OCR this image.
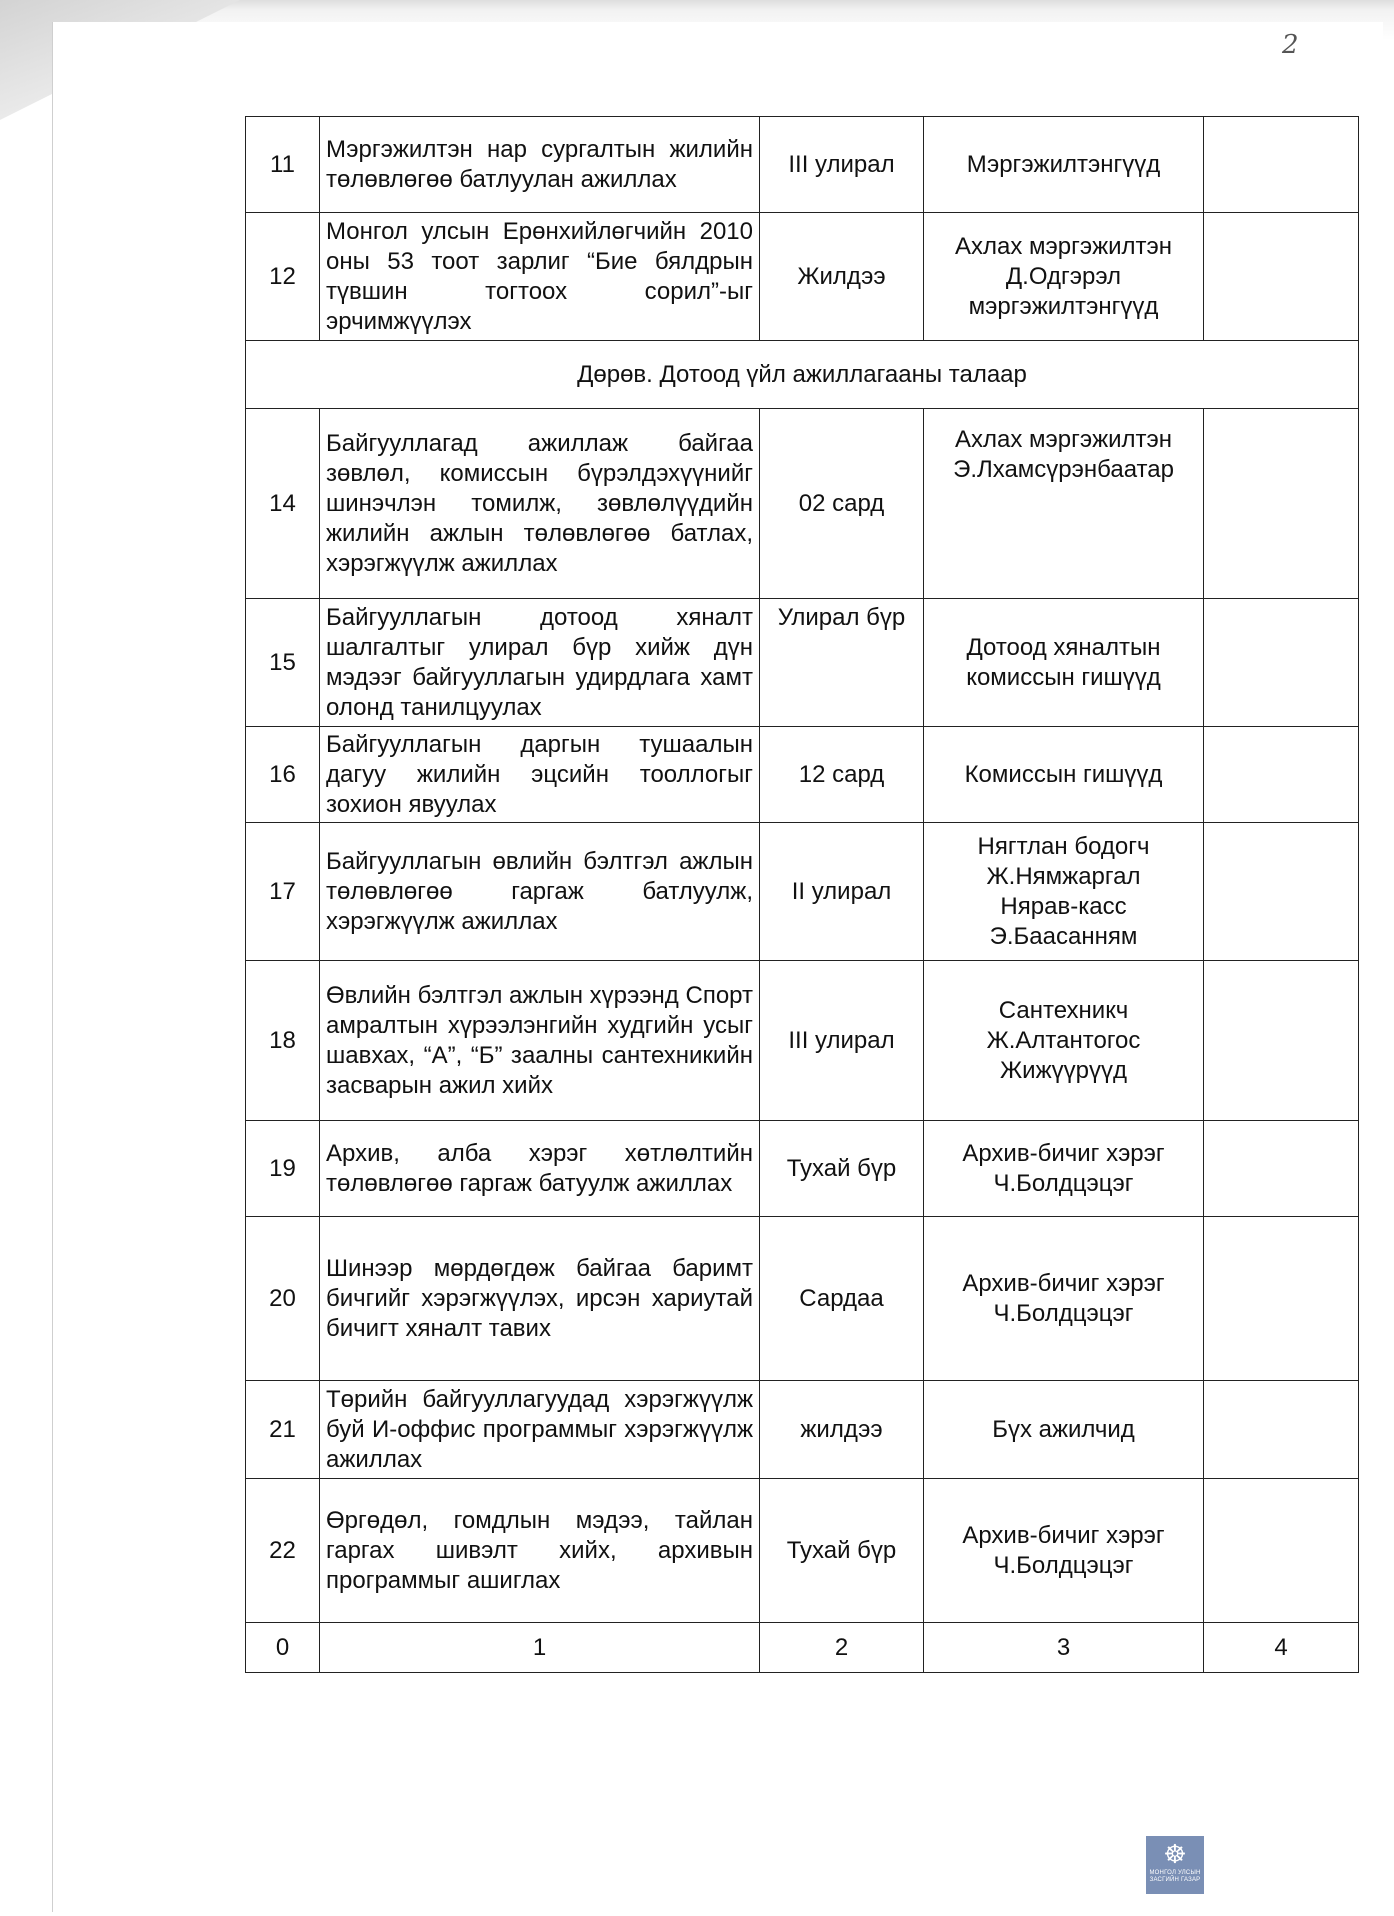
2
11	Мэргэжилтэн нар сургалтын жилийн төлөвлөгөө батлуулан ажиллах	III улирал	Мэргэжилтэнгүүд	
12	Монгол улсын Ерөнхийлөгчийн 2010 оны 53 тоот зарлиг “Бие бялдрын түвшин тогтоох сорил”-ыг эрчимжүүлэх	Жилдээ	Ахлах мэргэжилтэн
Д.Одгэрэл
мэргэжилтэнгүүд	
Дөрөв. Дотоод үйл ажиллагааны талаар				
14	Байгууллагад ажиллаж байгаа зөвлөл, комиссын бүрэлдэхүүнийг шинэчлэн томилж, зөвлөлүүдийн жилийн ажлын төлөвлөгөө батлах, хэрэгжүүлж ажиллах	02 сард	Ахлах мэргэжилтэн
Э.Лхамсүрэнбаатар	
15	Байгууллагын дотоод хяналт шалгалтыг улирал бүр хийж дүн мэдээг байгууллагын удирдлага хамт олонд танилцуулах	Улирал бүр	Дотоод хяналтын
комиссын гишүүд	
16	Байгууллагын даргын тушаалын дагуу жилийн эцсийн тооллогыг зохион явуулах	12 сард	Комиссын гишүүд	
17	Байгууллагын өвлийн бэлтгэл ажлын төлөвлөгөө гаргаж батлуулж, хэрэгжүүлж ажиллах	II улирал	Нягтлан бодогч
Ж.Нямжаргал
Нярав-касс
Э.Баасанням	
18	Өвлийн бэлтгэл ажлын хүрээнд Спорт амралтын хүрээлэнгийн худгийн усыг шавхах, “А”, “Б” заалны сантехникийн засварын ажил хийх	III улирал	Сантехникч
Ж.Алтантогос
Жижүүрүүд	
19	Архив, алба хэрэг хөтлөлтийн төлөвлөгөө гаргаж батуулж ажиллах	Тухай бүр	Архив-бичиг хэрэг
Ч.Болдцэцэг	
20	Шинээр мөрдөгдөж байгаа баримт бичгийг хэрэгжүүлэх, ирсэн хариутай бичигт хяналт тавих	Сардаа	Архив-бичиг хэрэг
Ч.Болдцэцэг	
21	Төрийн байгууллагуудад хэрэгжүүлж буй И-оффис программыг хэрэгжүүлж ажиллах	жилдээ	Бүх ажилчид	
22	Өргөдөл, гомдлын мэдээ, тайлан гаргах шивэлт хийх, архивын программыг ашиглах	Тухай бүр	Архив-бичиг хэрэг
Ч.Болдцэцэг	
0	1	2	3	4
☸
МОНГОЛ УЛСЫН
ЗАСГИЙН ГАЗАР
